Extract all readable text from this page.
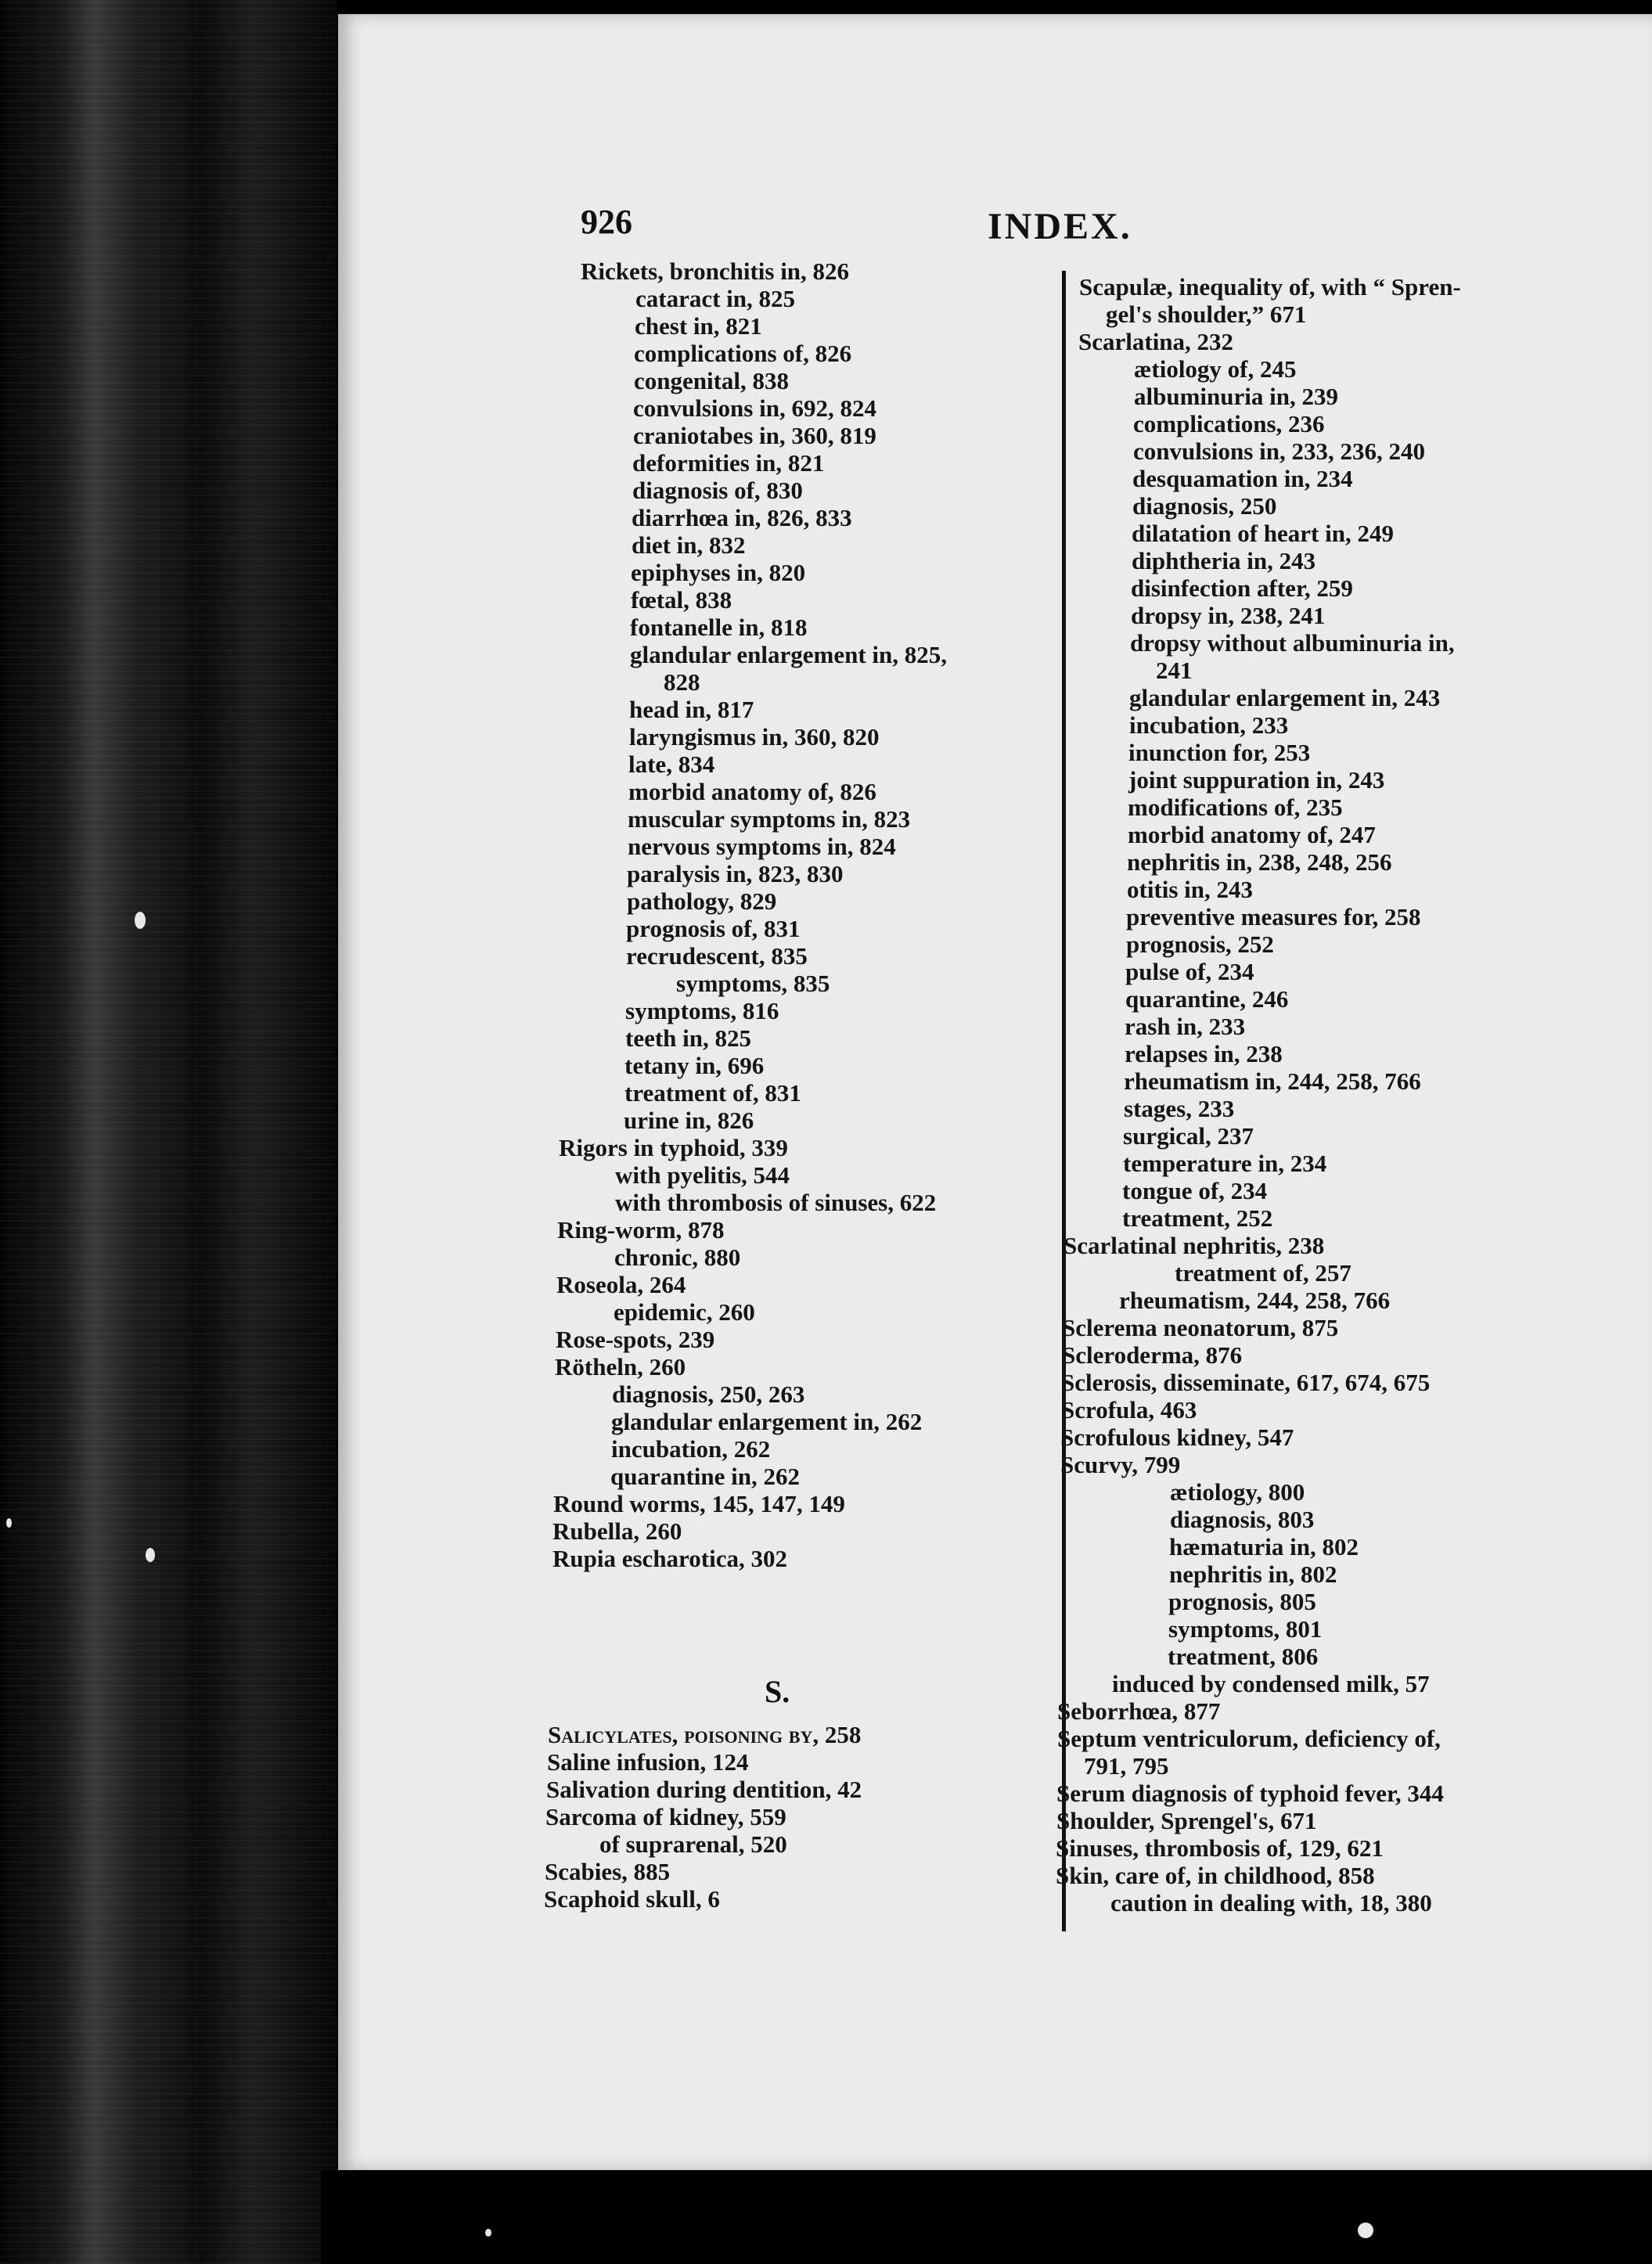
926	INDEX.
Rickets, bronchitis in, 826
cataract in, 825
chest in, 821
complications of, 826
congenital, 838
convulsions in, 692, 824
craniotabes in, 360, 819
deformities in, 821
diagnosis of, 830
diarrhœa in, 826, 833
diet in, 832
epiphyses in, 820
fœtal, 838
fontanelle in, 818
glandular enlargement in, 825,
828
head in, 817
laryngismus in, 360, 820
late, 834
morbid anatomy of, 826
muscular symptoms in, 823
nervous symptoms in, 824
paralysis in, 823, 830
pathology, 829
prognosis of, 831
recrudescent, 835
symptoms, 835
symptoms, 816
teeth in, 825
tetany in, 696
treatment of, 831
urine in, 826
Rigors in typhoid, 339
with pyelitis, 544
with thrombosis of sinuses, 622
Ring-worm, 878
chronic, 880
Roseola, 264
epidemic, 260
Rose-spots, 239
Rötheln, 260
diagnosis, 250, 263
glandular enlargement in, 262
incubation, 262
quarantine in, 262
Round worms, 145, 147, 149
Rubella, 260
Rupia escharotica, 302
S.
Salicylates, poisoning by, 258
Saline infusion, 124
Salivation during dentition, 42
Sarcoma of kidney, 559
of suprarenal, 520
Scabies, 885
Scaphoid skull, 6
Scapulæ, inequality of, with “ Spren-
gel's shoulder,” 671
Scarlatina, 232
ætiology of, 245
albuminuria in, 239
complications, 236
convulsions in, 233, 236, 240
desquamation in, 234
diagnosis, 250
dilatation of heart in, 249
diphtheria in, 243
disinfection after, 259
dropsy in, 238, 241
dropsy without albuminuria in,
241
glandular enlargement in, 243
incubation, 233
inunction for, 253
joint suppuration in, 243
modifications of, 235
morbid anatomy of, 247
nephritis in, 238, 248, 256
otitis in, 243
preventive measures for, 258
prognosis, 252
pulse of, 234
quarantine, 246
rash in, 233
relapses in, 238
rheumatism in, 244, 258, 766
stages, 233
surgical, 237
temperature in, 234
tongue of, 234
treatment, 252
Scarlatinal nephritis, 238
treatment of, 257
rheumatism, 244, 258, 766
Sclerema neonatorum, 875
Scleroderma, 876
Sclerosis, disseminate, 617, 674, 675
Scrofula, 463
Scrofulous kidney, 547
Scurvy, 799
ætiology, 800
diagnosis, 803
hæmaturia in, 802
nephritis in, 802
prognosis, 805
symptoms, 801
treatment, 806
induced by condensed milk, 57
Seborrhœa, 877
Septum ventriculorum, deficiency of,
791, 795
Serum diagnosis of typhoid fever, 344
Shoulder, Sprengel's, 671
Sinuses, thrombosis of, 129, 621
Skin, care of, in childhood, 858
caution in dealing with, 18, 380
